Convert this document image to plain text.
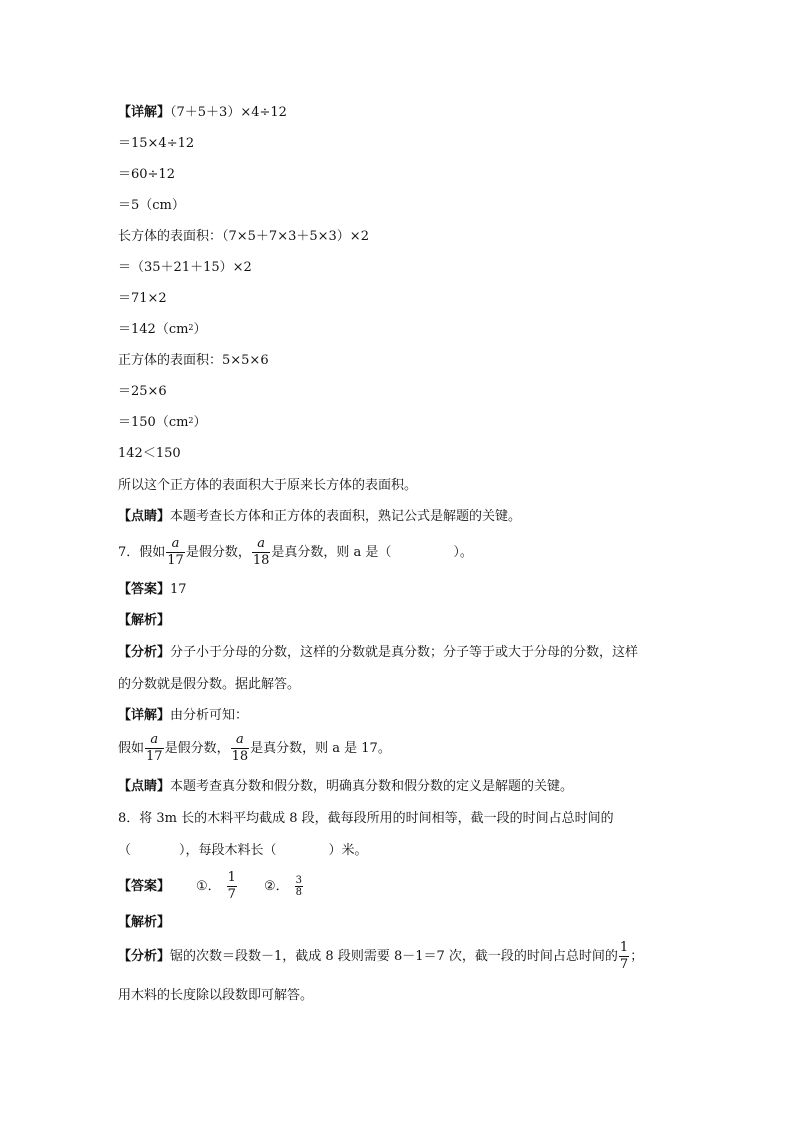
【详解】（7＋5＋3）×4÷12
＝15×4÷12
＝60÷12
＝5（cm）
长方体的表面积：（7×5＋7×3＋5×3）×2
＝（35＋21＋15）×2
＝71×2
$=142(cm^2)$
正方体的表面积：5×5×6
＝25×6
$=150(cm^2)$
142＜150
所以这个正方体的表面积大于原来长方体的表面积。
【点睛】本题考查长方体和正方体的表面积，熟记公式是解题的关键。
7．假如 $\frac{a}{17}$ 是假分数， $\frac{a}{18}$ 是真分数，则 a 是（	）。
【答案】17
【解析】
【分析】分子小于分母的分数，这样的分数就是真分数；分子等于或大于分母的分数，这样
的分数就是假分数。据此解答。
【详解】由分析可知：
假如 $\frac{a}{17}$ 是假分数， $\frac{a}{18}$ 是真分数，则 a 是 17。
【点睛】本题考查真分数和假分数，明确真分数和假分数的定义是解题的关键。
8．将 3m 长的木料平均截成 8 段，截每段所用的时间相等，截一段的时间占总时间的
（	），每段木料长（	）米。
【答案】 ①． $\frac{1}{7}$ ②． $\frac{3}{8}$
【解析】
【分析】锯的次数＝段数－1，截成 8 段则需要 8－1＝7 次，截一段的时间占总时间的 $\frac{1}{7}$ ；
用木料的长度除以段数即可解答。
